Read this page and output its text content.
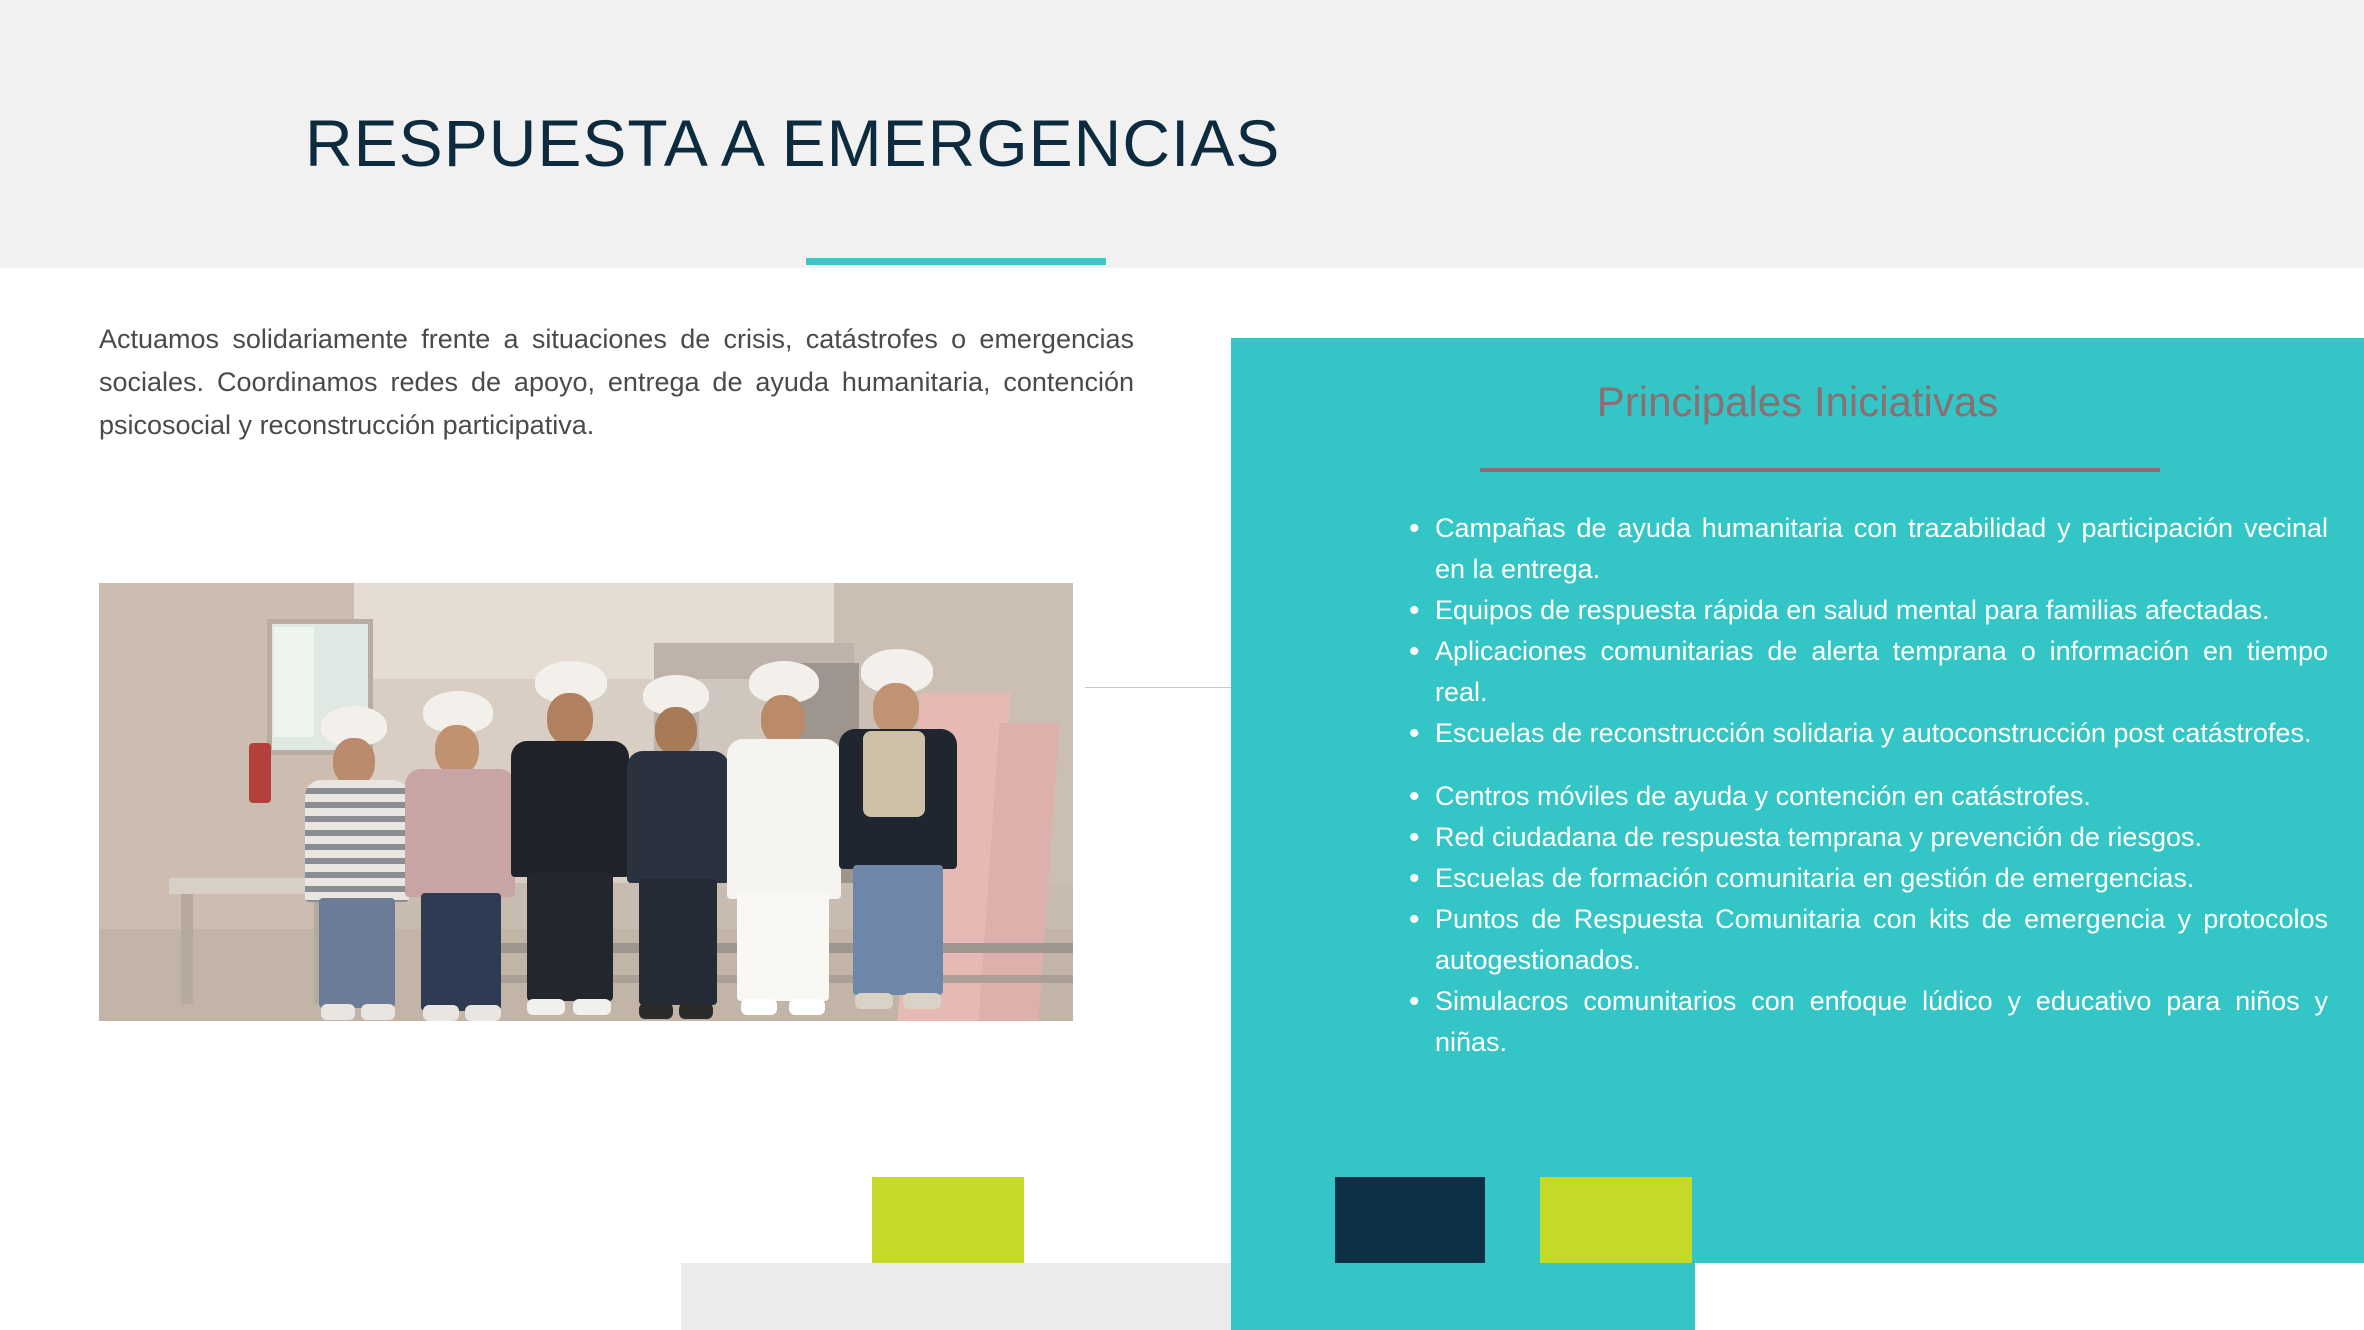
RESPUESTA A EMERGENCIAS
Actuamos solidariamente frente a situaciones de crisis, catástrofes o emergencias sociales. Coordinamos redes de apoyo, entrega de ayuda humanitaria, contención psicosocial y reconstrucción participativa.	Principales Iniciativas
• Campañas de ayuda humanitaria con trazabilidad y participación vecinal en la entrega.
• Equipos de respuesta rápida en salud mental para familias afectadas.
• Aplicaciones comunitarias de alerta temprana o información en tiempo real.
• Escuelas de reconstrucción solidaria y autoconstrucción post catástrofes.
• Centros móviles de ayuda y contención en catástrofes.
• Red ciudadana de respuesta temprana y prevención de riesgos.
• Escuelas de formación comunitaria en gestión de emergencias.
• Puntos de Respuesta Comunitaria con kits de emergencia y protocolos autogestionados.
• Simulacros comunitarios con enfoque lúdico y educativo para niños y niñas.
